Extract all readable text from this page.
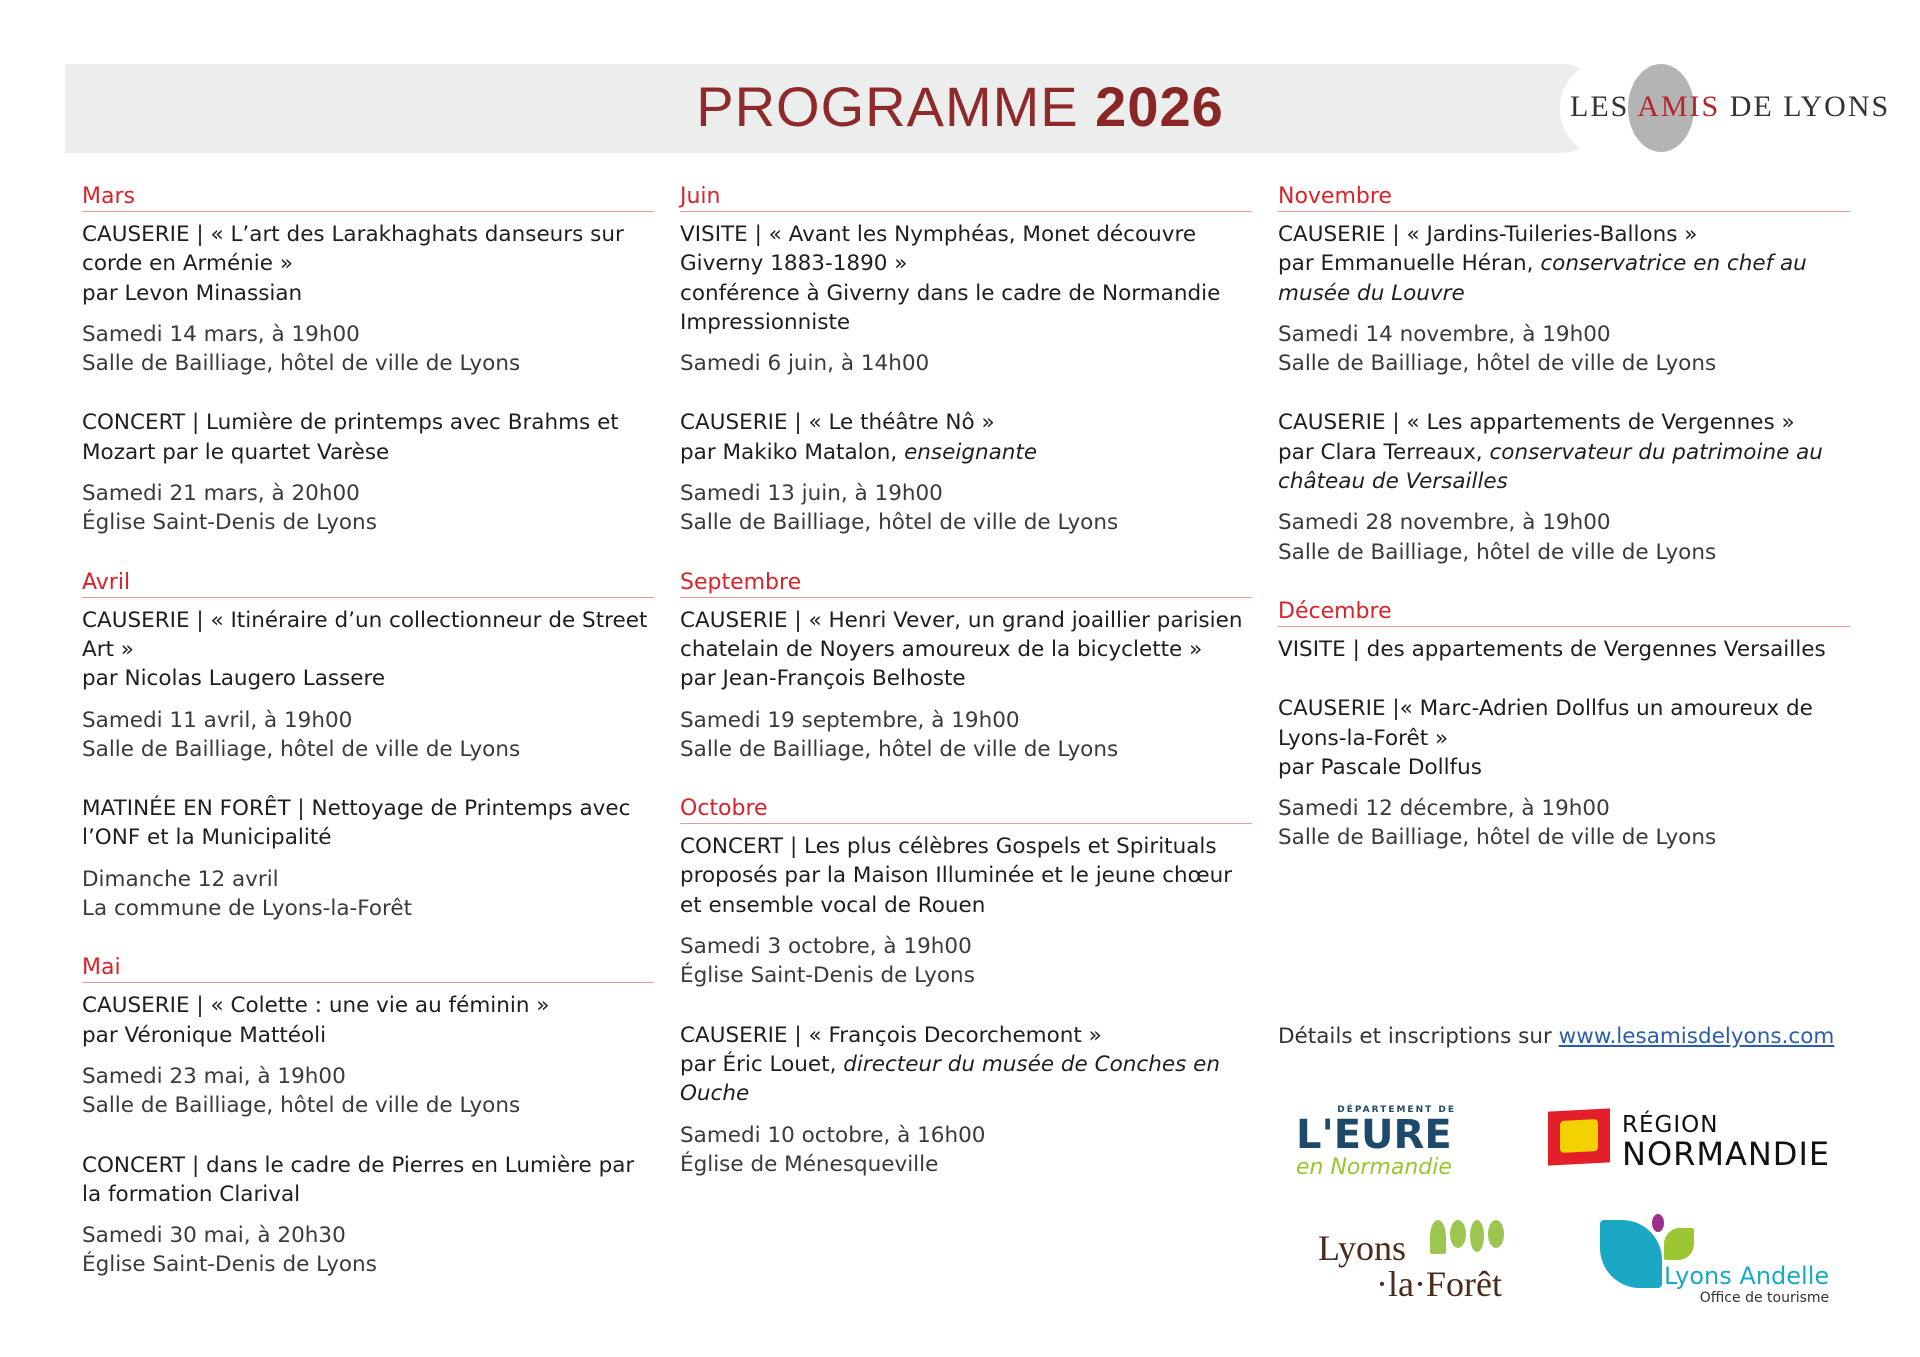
PROGRAMME 2026	LES AMIS DE LYONS
Mars
CAUSERIE | « L’art des Larakhaghats danseurs sur corde en Arménie »
par Levon Minassian
Samedi 14 mars, à 19h00
Salle de Bailliage, hôtel de ville de Lyons
CONCERT | Lumière de printemps avec Brahms et Mozart par le quartet Varèse
Samedi 21 mars, à 20h00
Église Saint-Denis de Lyons
Avril
CAUSERIE | « Itinéraire d’un collectionneur de Street Art »
par Nicolas Laugero Lassere
Samedi 11 avril, à 19h00
Salle de Bailliage, hôtel de ville de Lyons
MATINÉE EN FORÊT | Nettoyage de Printemps avec l’ONF et la Municipalité
Dimanche 12 avril
La commune de Lyons-la-Forêt
Mai
CAUSERIE | « Colette : une vie au féminin »
par Véronique Mattéoli
Samedi 23 mai, à 19h00
Salle de Bailliage, hôtel de ville de Lyons
CONCERT | dans le cadre de Pierres en Lumière par la formation Clarival
Samedi 30 mai, à 20h30
Église Saint-Denis de Lyons
Juin
VISITE | « Avant les Nymphéas, Monet découvre Giverny 1883-1890 »
conférence à Giverny dans le cadre de Normandie Impressionniste
Samedi 6 juin, à 14h00
CAUSERIE | « Le théâtre Nô »
par Makiko Matalon, enseignante
Samedi 13 juin, à 19h00
Salle de Bailliage, hôtel de ville de Lyons
Septembre
CAUSERIE | « Henri Vever, un grand joaillier parisien chatelain de Noyers amoureux de la bicyclette »
par Jean-François Belhoste
Samedi 19 septembre, à 19h00
Salle de Bailliage, hôtel de ville de Lyons
Octobre
CONCERT | Les plus célèbres Gospels et Spirituals proposés par la Maison Illuminée et le jeune chœur et ensemble vocal de Rouen
Samedi 3 octobre, à 19h00
Église Saint-Denis de Lyons
CAUSERIE | « François Decorchemont »
par Éric Louet, directeur du musée de Conches en Ouche
Samedi 10 octobre, à 16h00
Église de Ménesqueville
Novembre
CAUSERIE | « Jardins-Tuileries-Ballons »
par Emmanuelle Héran, conservatrice en chef au musée du Louvre
Samedi 14 novembre, à 19h00
Salle de Bailliage, hôtel de ville de Lyons
CAUSERIE | « Les appartements de Vergennes »
par Clara Terreaux, conservateur du patrimoine au château de Versailles
Samedi 28 novembre, à 19h00
Salle de Bailliage, hôtel de ville de Lyons
Décembre
VISITE | des appartements de Vergennes Versailles
CAUSERIE |« Marc-Adrien Dollfus un amoureux de Lyons-la-Forêt »
par Pascale Dollfus
Samedi 12 décembre, à 19h00
Salle de Bailliage, hôtel de ville de Lyons
Détails et inscriptions sur www.lesamisdelyons.com
DÉPARTEMENT DE
L'EURE
en Normandie
RÉGION
NORMANDIE
Lyons
·la·Forêt	Lyons Andelle
Office de tourisme
